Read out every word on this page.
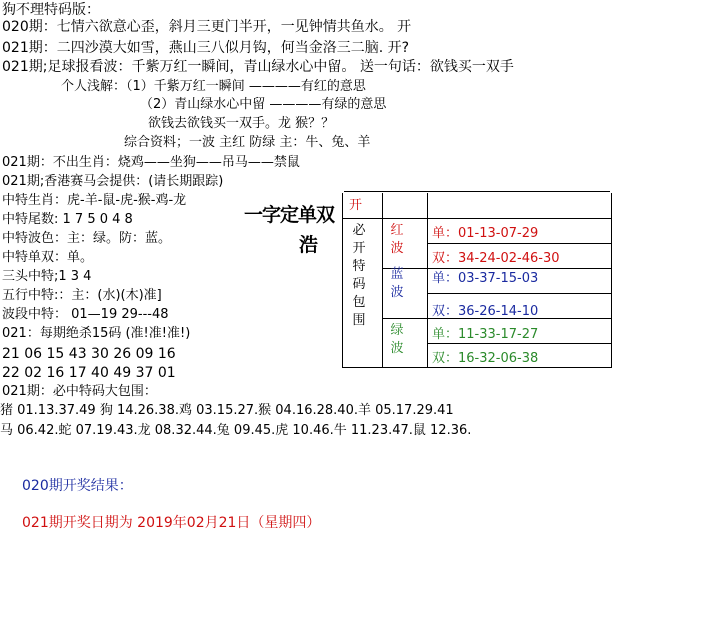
狗不理特码版：
020期：七情六欲意心歪，斜月三更门半开，一见钟情共鱼水。 开
021期：二四沙漠大如雪，燕山三八似月钩，何当金洛三二脑. 开?
021期;足球报看波：千紫万红一瞬间，青山绿水心中留。 送一句话：欲钱买一双手
个人浅解：（1）千紫万红一瞬间 ————有红的意思
（2）青山绿水心中留 ————有绿的意思
欲钱去欲钱买一双手。龙 猴？？
综合资料；一波 主红 防绿 主：牛、兔、羊
021期：不出生肖：烧鸡——坐狗——吊马——禁鼠
021期;香港赛马会提供：(请长期跟踪)
中特生肖：虎-羊-鼠-虎-猴-鸡-龙
中特尾数: 1 7 5 0 4 8
中特波色：主：绿。防：蓝。
中特单双：单。
三头中特;1 3 4
五行中特:：主：(水)(木)准]
波段中特： 01—19 29---48
021：每期绝杀15码 (准!准!准!)
21 06 15 43 30 26 09 16
22 02 16 17 40 49 37 01
021期：必中特码大包围：
猪 01.13.37.49 狗 14.26.38.鸡 03.15.27.猴 04.16.28.40.羊 05.17.29.41
马 06.42.蛇 07.19.43.龙 08.32.44.兔 09.45.虎 10.46.牛 11.23.47.鼠 12.36.
一字定单双
浩
开
必
开
特
码
包
围
红波
蓝波
绿波
单：01-13-07-29
双：34-24-02-46-30
单：03-37-15-03
双：36-26-14-10
单：11-33-17-27
双：16-32-06-38
020期开奖结果：
021期开奖日期为 2019年02月21日（星期四）
